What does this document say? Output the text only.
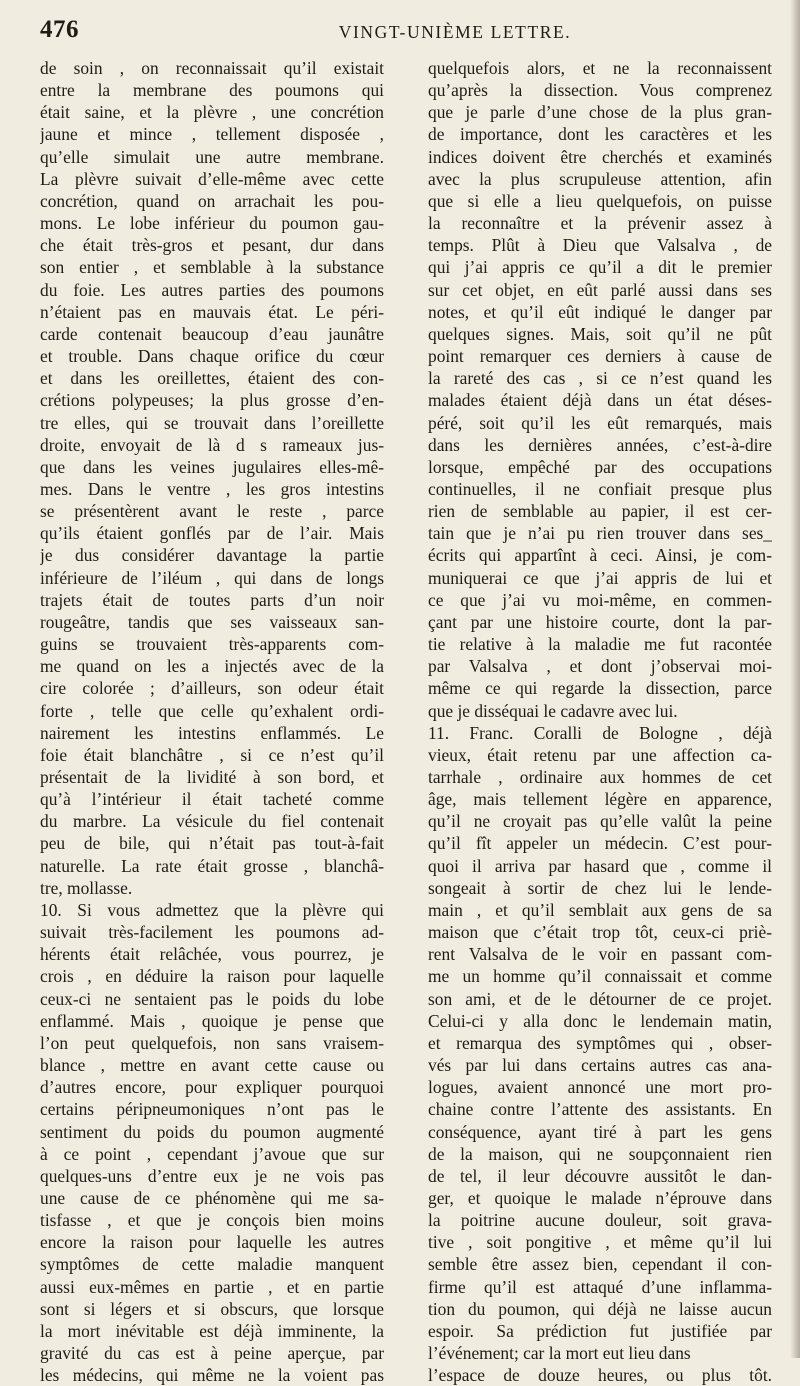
476	VINGT-UNIÈME LETTRE.
de soin , on reconnaissait qu’il existait
entre la membrane des poumons qui
était saine, et la plèvre , une concrétion
jaune et mince , tellement disposée ,
qu’elle simulait une autre membrane.
La plèvre suivait d’elle-même avec cette
concrétion, quand on arrachait les pou-
mons. Le lobe inférieur du poumon gau-
che était très-gros et pesant, dur dans
son entier , et semblable à la substance
du foie. Les autres parties des poumons
n’étaient pas en mauvais état. Le péri-
carde contenait beaucoup d’eau jaunâtre
et trouble. Dans chaque orifice du cœur
et dans les oreillettes, étaient des con-
crétions polypeuses; la plus grosse d’en-
tre elles, qui se trouvait dans l’oreillette
droite, envoyait de là d s rameaux jus-
que dans les veines jugulaires elles-mê-
mes. Dans le ventre , les gros intestins
se présentèrent avant le reste , parce
qu’ils étaient gonflés par de l’air. Mais
je dus considérer davantage la partie
inférieure de l’iléum , qui dans de longs
trajets était de toutes parts d’un noir
rougeâtre, tandis que ses vaisseaux san-
guins se trouvaient très-apparents com-
me quand on les a injectés avec de la
cire colorée ; d’ailleurs, son odeur était
forte , telle que celle qu’exhalent ordi-
nairement les intestins enflammés. Le
foie était blanchâtre , si ce n’est qu’il
présentait de la lividité à son bord, et
qu’à l’intérieur il était tacheté comme
du marbre. La vésicule du fiel contenait
peu de bile, qui n’était pas tout-à-fait
naturelle. La rate était grosse , blanchâ-
tre, mollasse.
10. Si vous admettez que la plèvre qui
suivait très-facilement les poumons ad-
hérents était relâchée, vous pourrez, je
crois , en déduire la raison pour laquelle
ceux-ci ne sentaient pas le poids du lobe
enflammé. Mais , quoique je pense que
l’on peut quelquefois, non sans vraisem-
blance , mettre en avant cette cause ou
d’autres encore, pour expliquer pourquoi
certains péripneumoniques n’ont pas le
sentiment du poids du poumon augmenté
à ce point , cependant j’avoue que sur
quelques-uns d’entre eux je ne vois pas
une cause de ce phénomène qui me sa-
tisfasse , et que je conçois bien moins
encore la raison pour laquelle les autres
symptômes de cette maladie manquent
aussi eux-mêmes en partie , et en partie
sont si légers et si obscurs, que lorsque
la mort inévitable est déjà imminente, la
gravité du cas est à peine aperçue, par
les médecins, qui même ne la voient pas
quelquefois alors, et ne la reconnaissent
qu’après la dissection. Vous comprenez
que je parle d’une chose de la plus gran-
de importance, dont les caractères et les
indices doivent être cherchés et examinés
avec la plus scrupuleuse attention, afin
que si elle a lieu quelquefois, on puisse
la reconnaître et la prévenir assez à
temps. Plût à Dieu que Valsalva , de
qui j’ai appris ce qu’il a dit le premier
sur cet objet, en eût parlé aussi dans ses
notes, et qu’il eût indiqué le danger par
quelques signes. Mais, soit qu’il ne pût
point remarquer ces derniers à cause de
la rareté des cas , si ce n’est quand les
malades étaient déjà dans un état déses-
péré, soit qu’il les eût remarqués, mais
dans les dernières années, c’est-à-dire
lorsque, empêché par des occupations
continuelles, il ne confiait presque plus
rien de semblable au papier, il est cer-
tain que je n’ai pu rien trouver dans ses_
écrits qui appartînt à ceci. Ainsi, je com-
muniquerai ce que j’ai appris de lui et
ce que j’ai vu moi-même, en commen-
çant par une histoire courte, dont la par-
tie relative à la maladie me fut racontée
par Valsalva , et dont j’observai moi-
même ce qui regarde la dissection, parce
que je disséquai le cadavre avec lui.
11. Franc. Coralli de Bologne , déjà
vieux, était retenu par une affection ca-
tarrhale , ordinaire aux hommes de cet
âge, mais tellement légère en apparence,
qu’il ne croyait pas qu’elle valût la peine
qu’il fît appeler un médecin. C’est pour-
quoi il arriva par hasard que , comme il
songeait à sortir de chez lui le lende-
main , et qu’il semblait aux gens de sa
maison que c’était trop tôt, ceux-ci priè-
rent Valsalva de le voir en passant com-
me un homme qu’il connaissait et comme
son ami, et de le détourner de ce projet.
Celui-ci y alla donc le lendemain matin,
et remarqua des symptômes qui , obser-
vés par lui dans certains autres cas ana-
logues, avaient annoncé une mort pro-
chaine contre l’attente des assistants. En
conséquence, ayant tiré à part les gens
de la maison, qui ne soupçonnaient rien
de tel, il leur découvre aussitôt le dan-
ger, et quoique le malade n’éprouve dans
la poitrine aucune douleur, soit grava-
tive , soit pongitive , et même qu’il lui
semble être assez bien, cependant il con-
firme qu’il est attaqué d’une inflamma-
tion du poumon, qui déjà ne laisse aucun
espoir. Sa prédiction fut justifiée par
l’événement; car la mort eut lieu dans
l’espace de douze heures, ou plus tôt.
